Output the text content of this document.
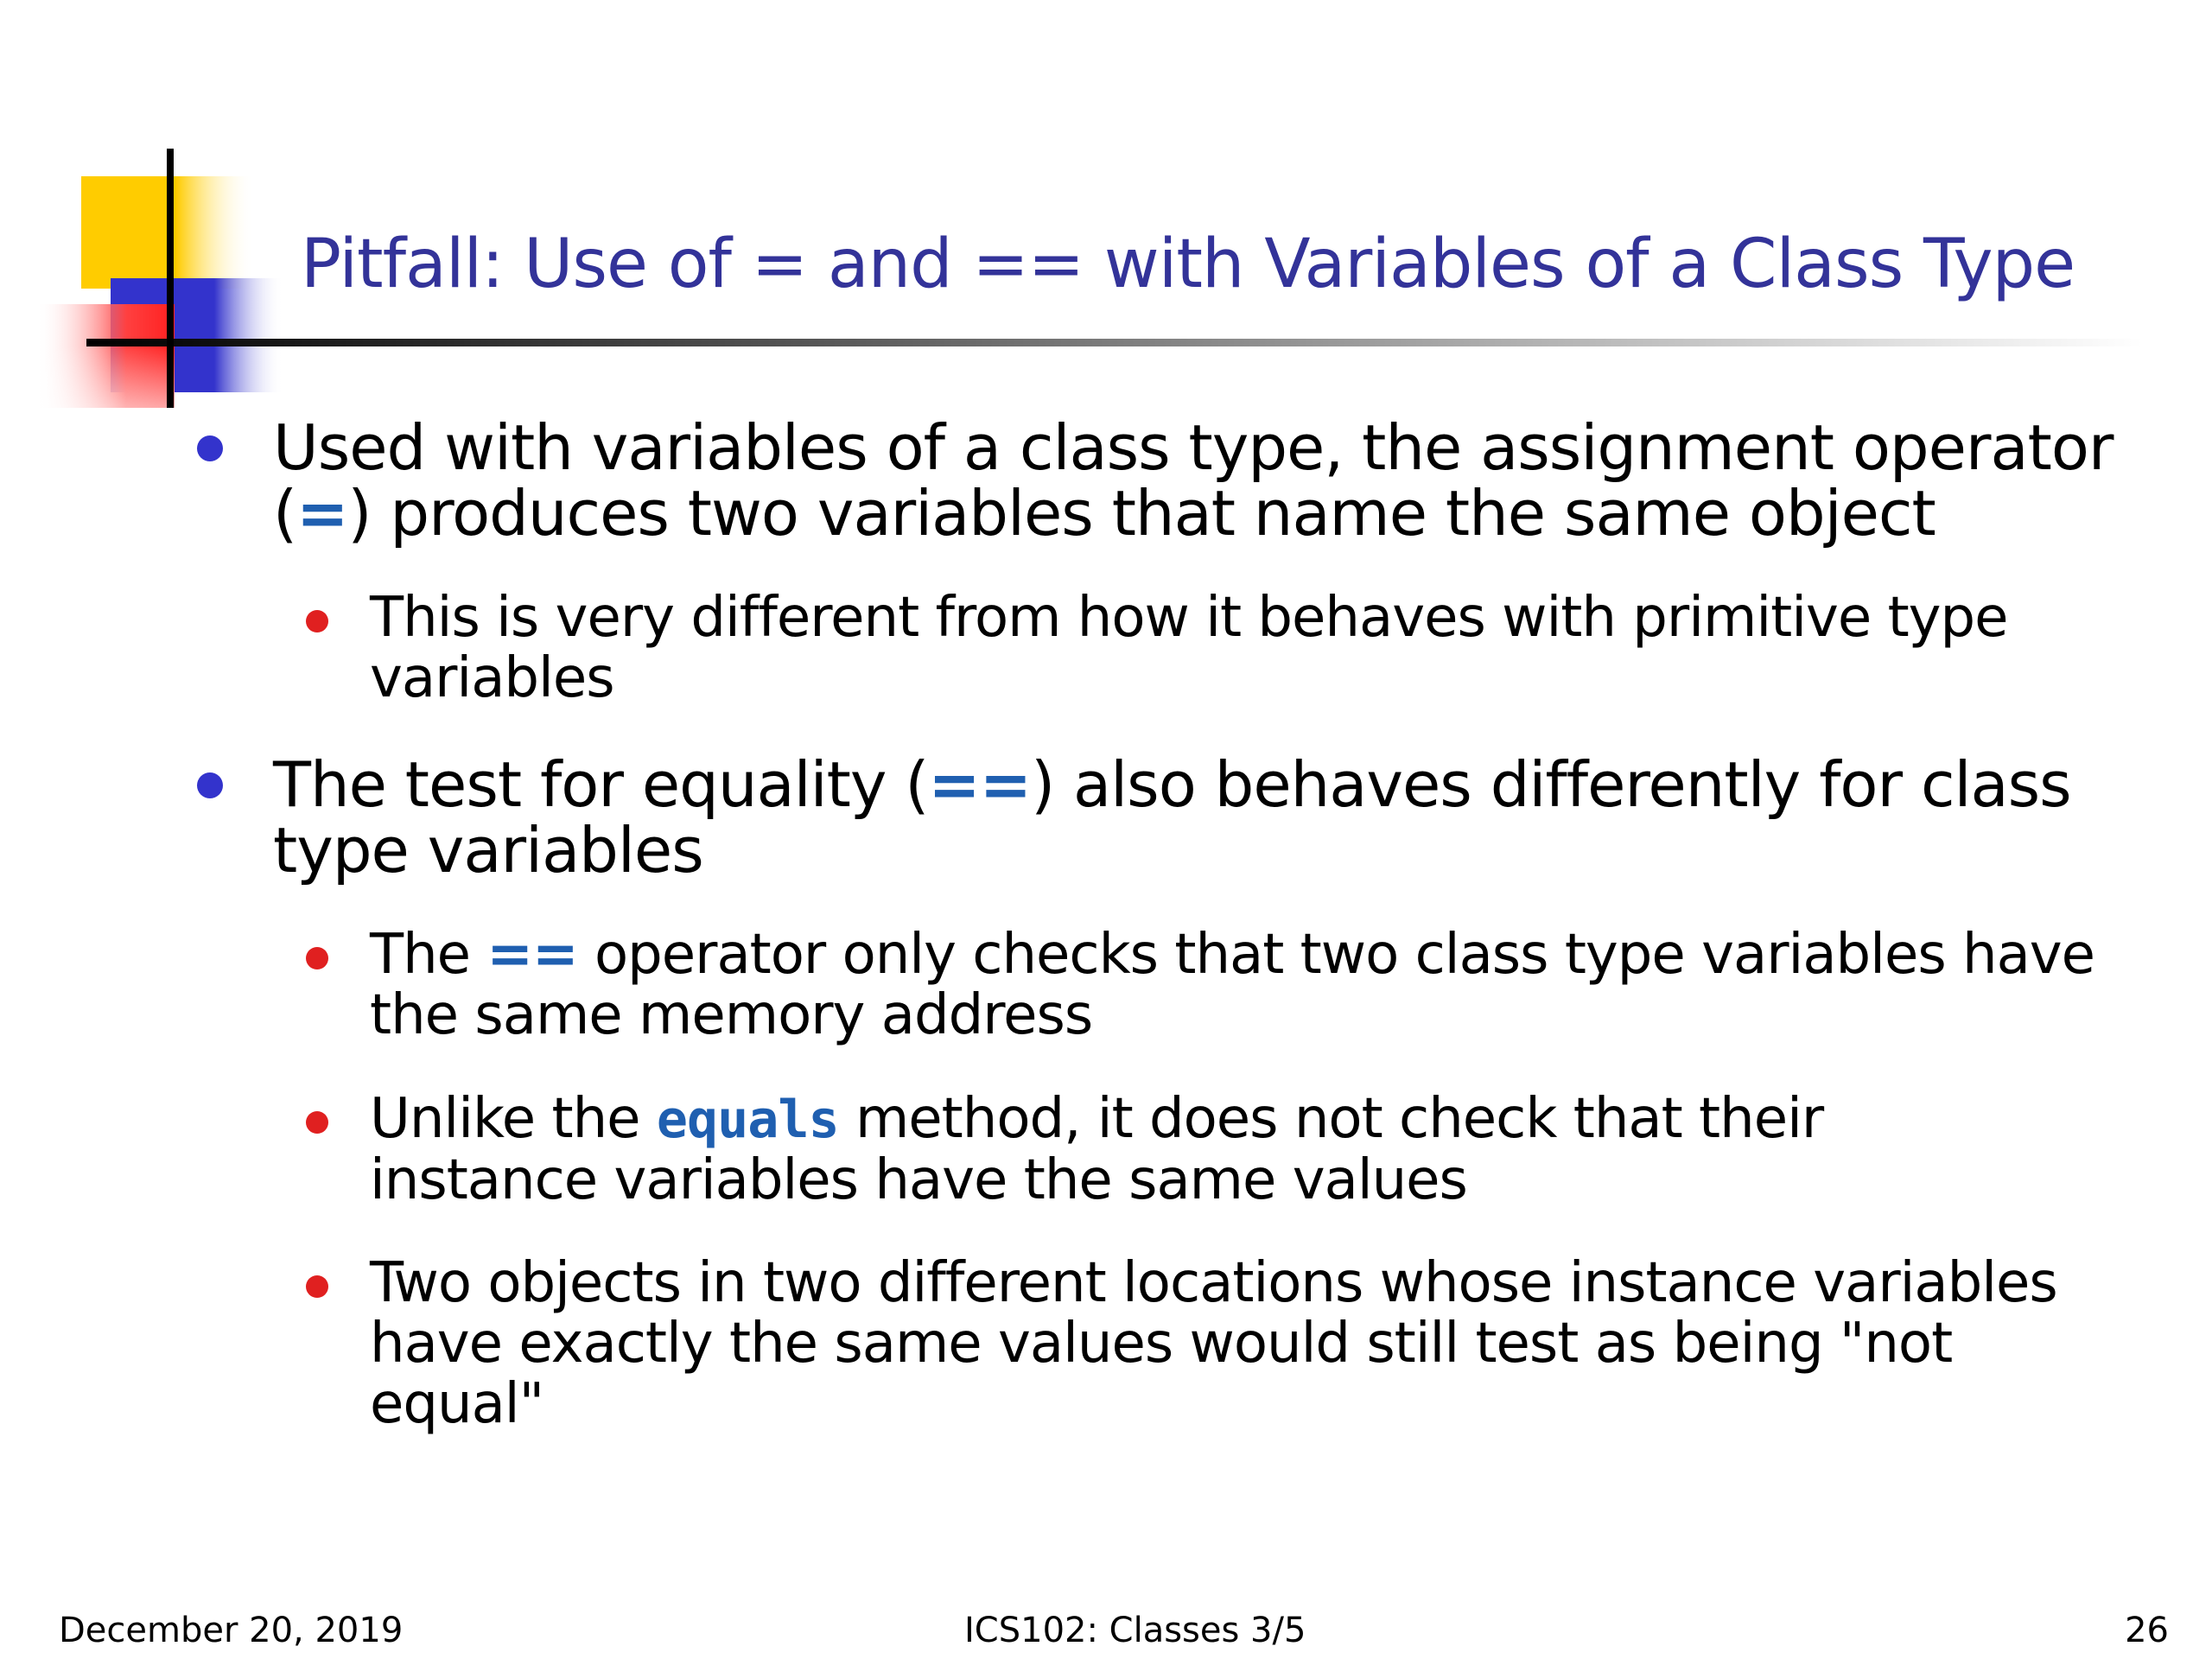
Pitfall: Use of = and == with Variables of a Class Type
Used with variables of a class type, the assignment operator
(=) produces two variables that name the same object
This is very different from how it behaves with primitive type
variables
The test for equality (==) also behaves differently for class
type variables
The == operator only checks that two class type variables have
the same memory address
Unlike the equals method, it does not check that their
instance variables have the same values
Two objects in two different locations whose instance variables
have exactly the same values would still test as being "not
equal"
December 20, 2019	ICS102: Classes 3/5	26
